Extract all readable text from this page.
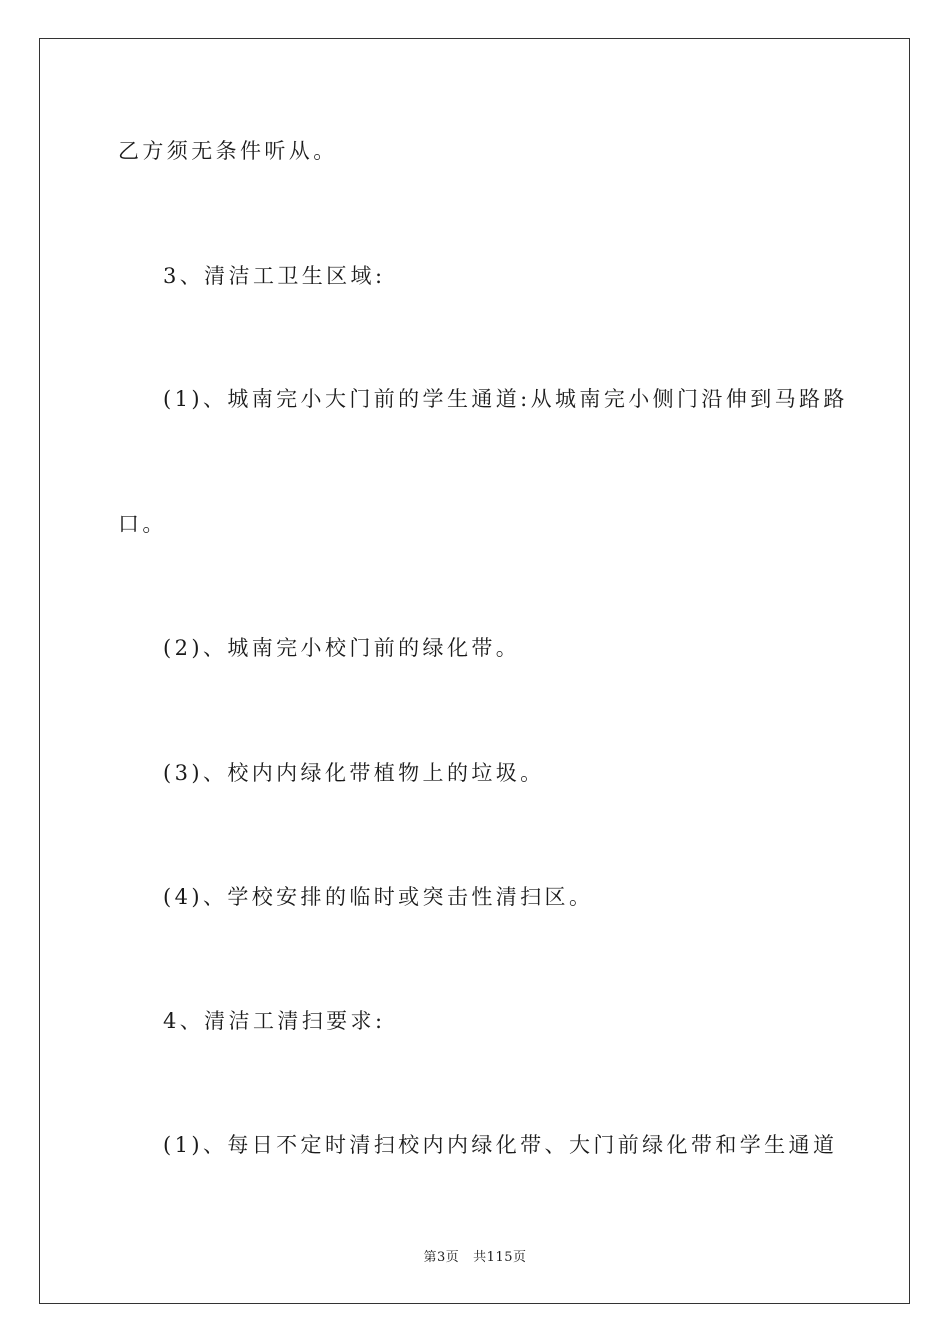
乙方须无条件听从。
3、清洁工卫生区域:
(1)、城南完小大门前的学生通道:从城南完小侧门沿伸到马路路
口。
(2)、城南完小校门前的绿化带。
(3)、校内内绿化带植物上的垃圾。
(4)、学校安排的临时或突击性清扫区。
4、清洁工清扫要求:
(1)、每日不定时清扫校内内绿化带、大门前绿化带和学生通道
第3页   共115页
